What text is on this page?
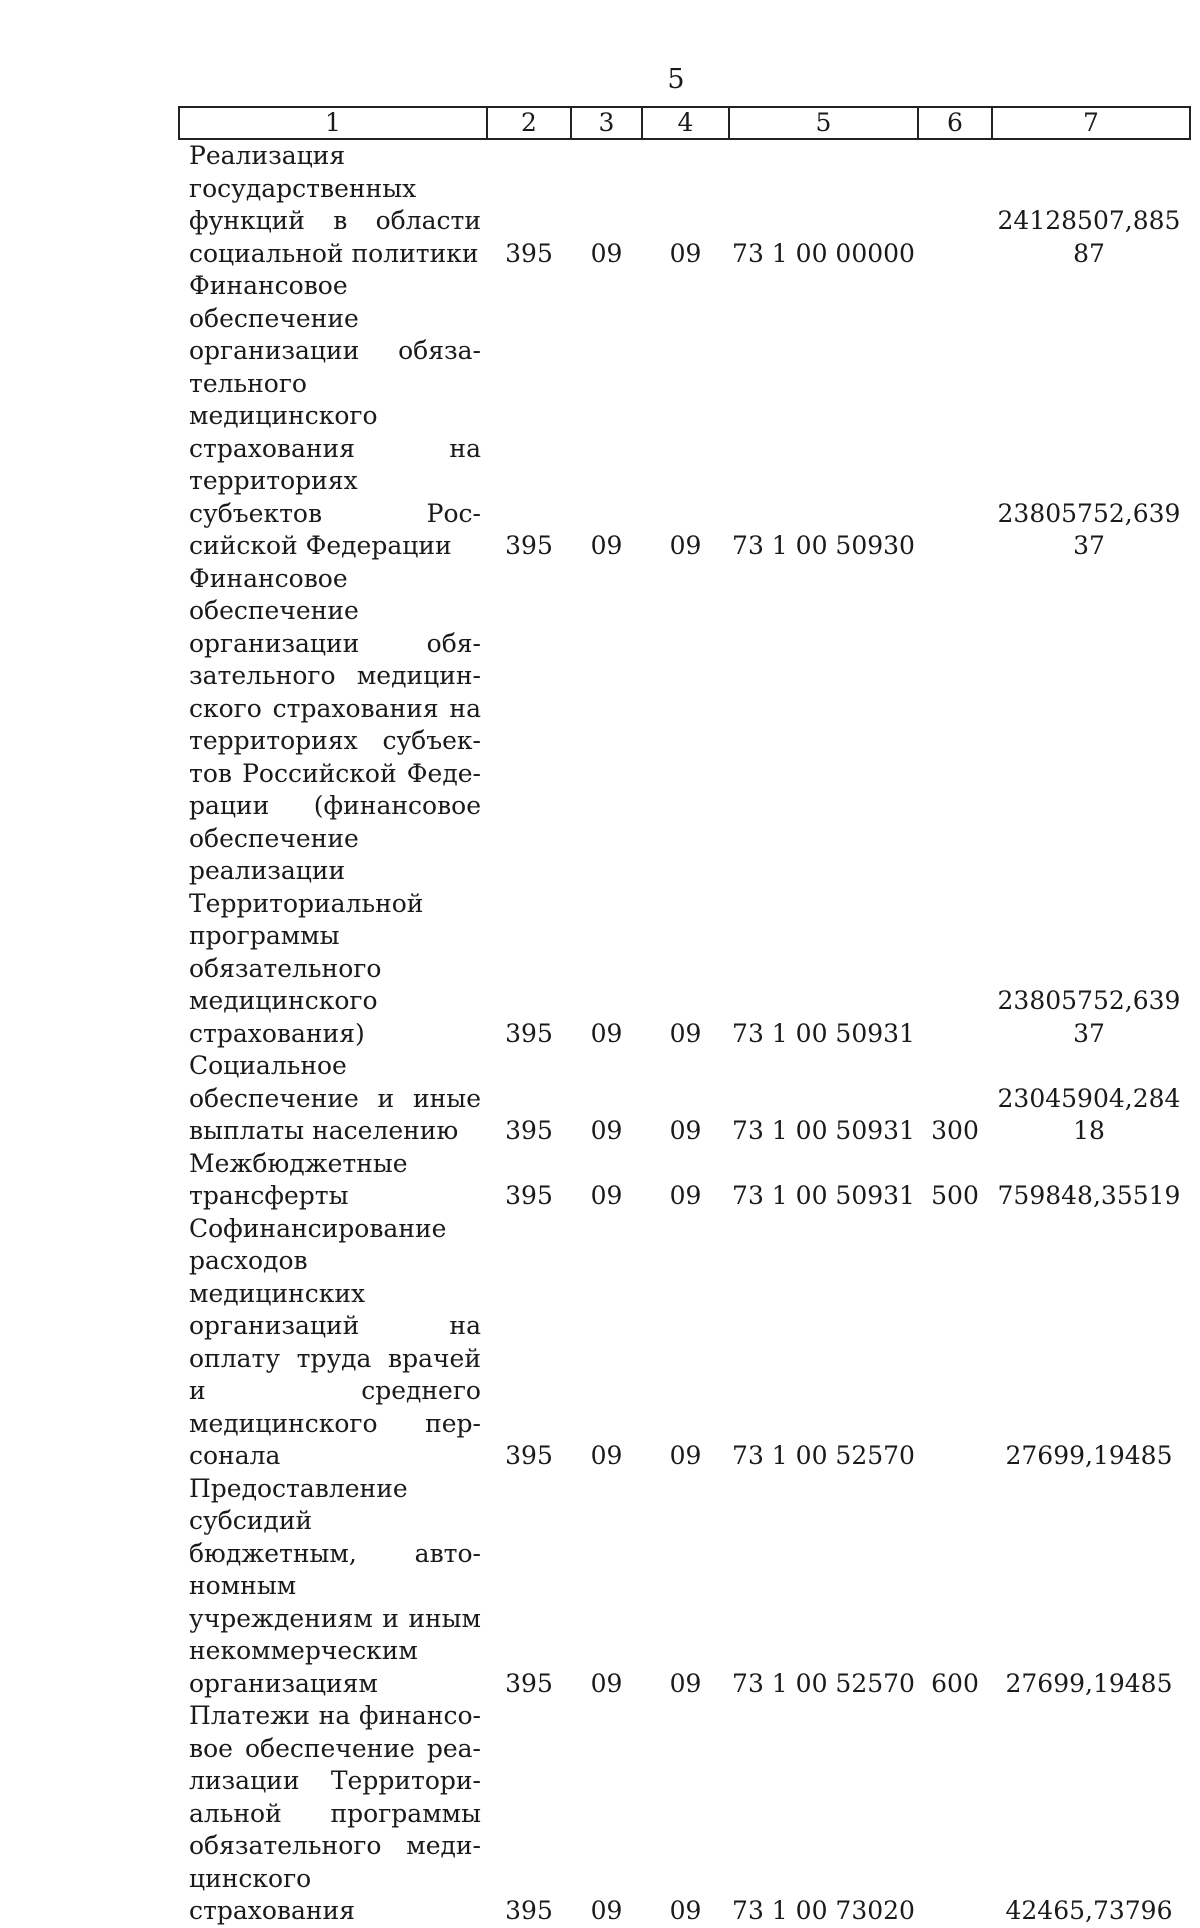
5
1	2	3	4	5	6	7
Реализация государственных функций в области социальной политики	395	09	09	73 1 00 00000		24128507,88587
Финансовое обеспечение организации обязательного медицинского страхования на территориях субъектов Российской Федерации	395	09	09	73 1 00 50930		23805752,63937
Финансовое обеспечение организации обязательного медицинского страхования на территориях субъектов Российской Федерации (финансовое обеспечение реализации Территориальной программы обязательного медицинского страхования)	395	09	09	73 1 00 50931		23805752,63937
Социальное обеспечение и иные выплаты населению	395	09	09	73 1 00 50931	300	23045904,28418
Межбюджетные трансферты	395	09	09	73 1 00 50931	500	759848,35519
Софинансирование расходов медицинских организаций на оплату труда врачей и среднего медицинского персонала	395	09	09	73 1 00 52570		27699,19485
Предоставление субсидий бюджетным, автономным учреждениям и иным некоммерческим организациям	395	09	09	73 1 00 52570	600	27699,19485
Платежи на финансовое обеспечение реализации Территориальной программы обязательного медицинского страхования	395	09	09	73 1 00 73020		42465,73796
